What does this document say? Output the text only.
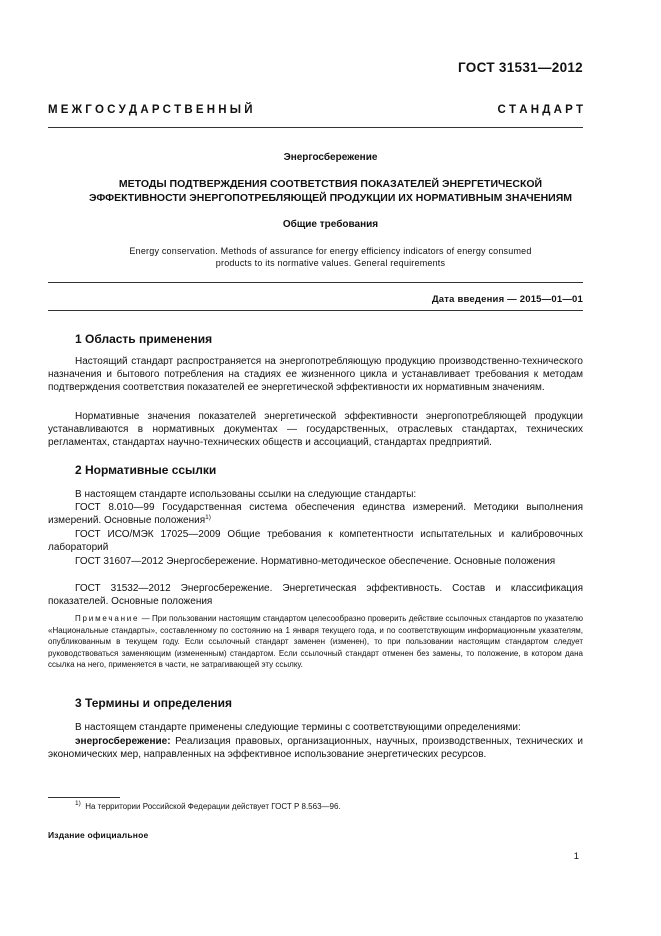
ГОСТ 31531—2012
М Е Ж Г О С У Д А Р С Т В Е Н Н Ы Й	С Т А Н Д А Р Т
Энергосбережение
МЕТОДЫ ПОДТВЕРЖДЕНИЯ СООТВЕТСТВИЯ ПОКАЗАТЕЛЕЙ ЭНЕРГЕТИЧЕСКОЙ
ЭФФЕКТИВНОСТИ ЭНЕРГОПОТРЕБЛЯЮЩЕЙ ПРОДУКЦИИ ИХ НОРМАТИВНЫМ ЗНАЧЕНИЯМ
Общие требования
Energy conservation. Methods of assurance for energy efficiency indicators of energy consumed
products to its normative values. General requirements
Дата введения — 2015—01—01
1 Область применения
Настоящий стандарт распространяется на энергопотребляющую продукцию производственно-технического назначения и бытового потребления на стадиях ее жизненного цикла и устанавливает требования к методам подтверждения соответствия показателей ее энергетической эффективности их нормативным значениям.
Нормативные значения показателей энергетической эффективности энергопотребляющей продукции устанавливаются в нормативных документах — государственных, отраслевых стандартах, технических регламентах, стандартах научно-технических обществ и ассоциаций, стандартах предприятий.
2 Нормативные ссылки
В настоящем стандарте использованы ссылки на следующие стандарты:
ГОСТ 8.010—99 Государственная система обеспечения единства измерений. Методики выполнения измерений. Основные положения$^{1)}$
ГОСТ ИСО/МЭК 17025—2009 Общие требования к компетентности испытательных и калибровочных лабораторий
ГОСТ 31607—2012 Энергосбережение. Нормативно-методическое обеспечение. Основные положения
ГОСТ 31532—2012 Энергосбережение. Энергетическая эффективность. Состав и классификация показателей. Основные положения
Примечание — При пользовании настоящим стандартом целесообразно проверить действие ссылочных стандартов по указателю «Национальные стандарты», составленному по состоянию на 1 января текущего года, и по соответствующим информационным указателям, опубликованным в текущем году. Если ссылочный стандарт заменен (изменен), то при пользовании настоящим стандартом следует руководствоваться заменяющим (измененным) стандартом. Если ссылочный стандарт отменен без замены, то положение, в котором дана ссылка на него, применяется в части, не затрагивающей эту ссылку.
3 Термины и определения
В настоящем стандарте применены следующие термины с соответствующими определениями:
энергосбережение: Реализация правовых, организационных, научных, производственных, технических и экономических мер, направленных на эффективное использование энергетических ресурсов.
$^{1)}$ На территории Российской Федерации действует ГОСТ Р 8.563—96.
Издание официальное
1
